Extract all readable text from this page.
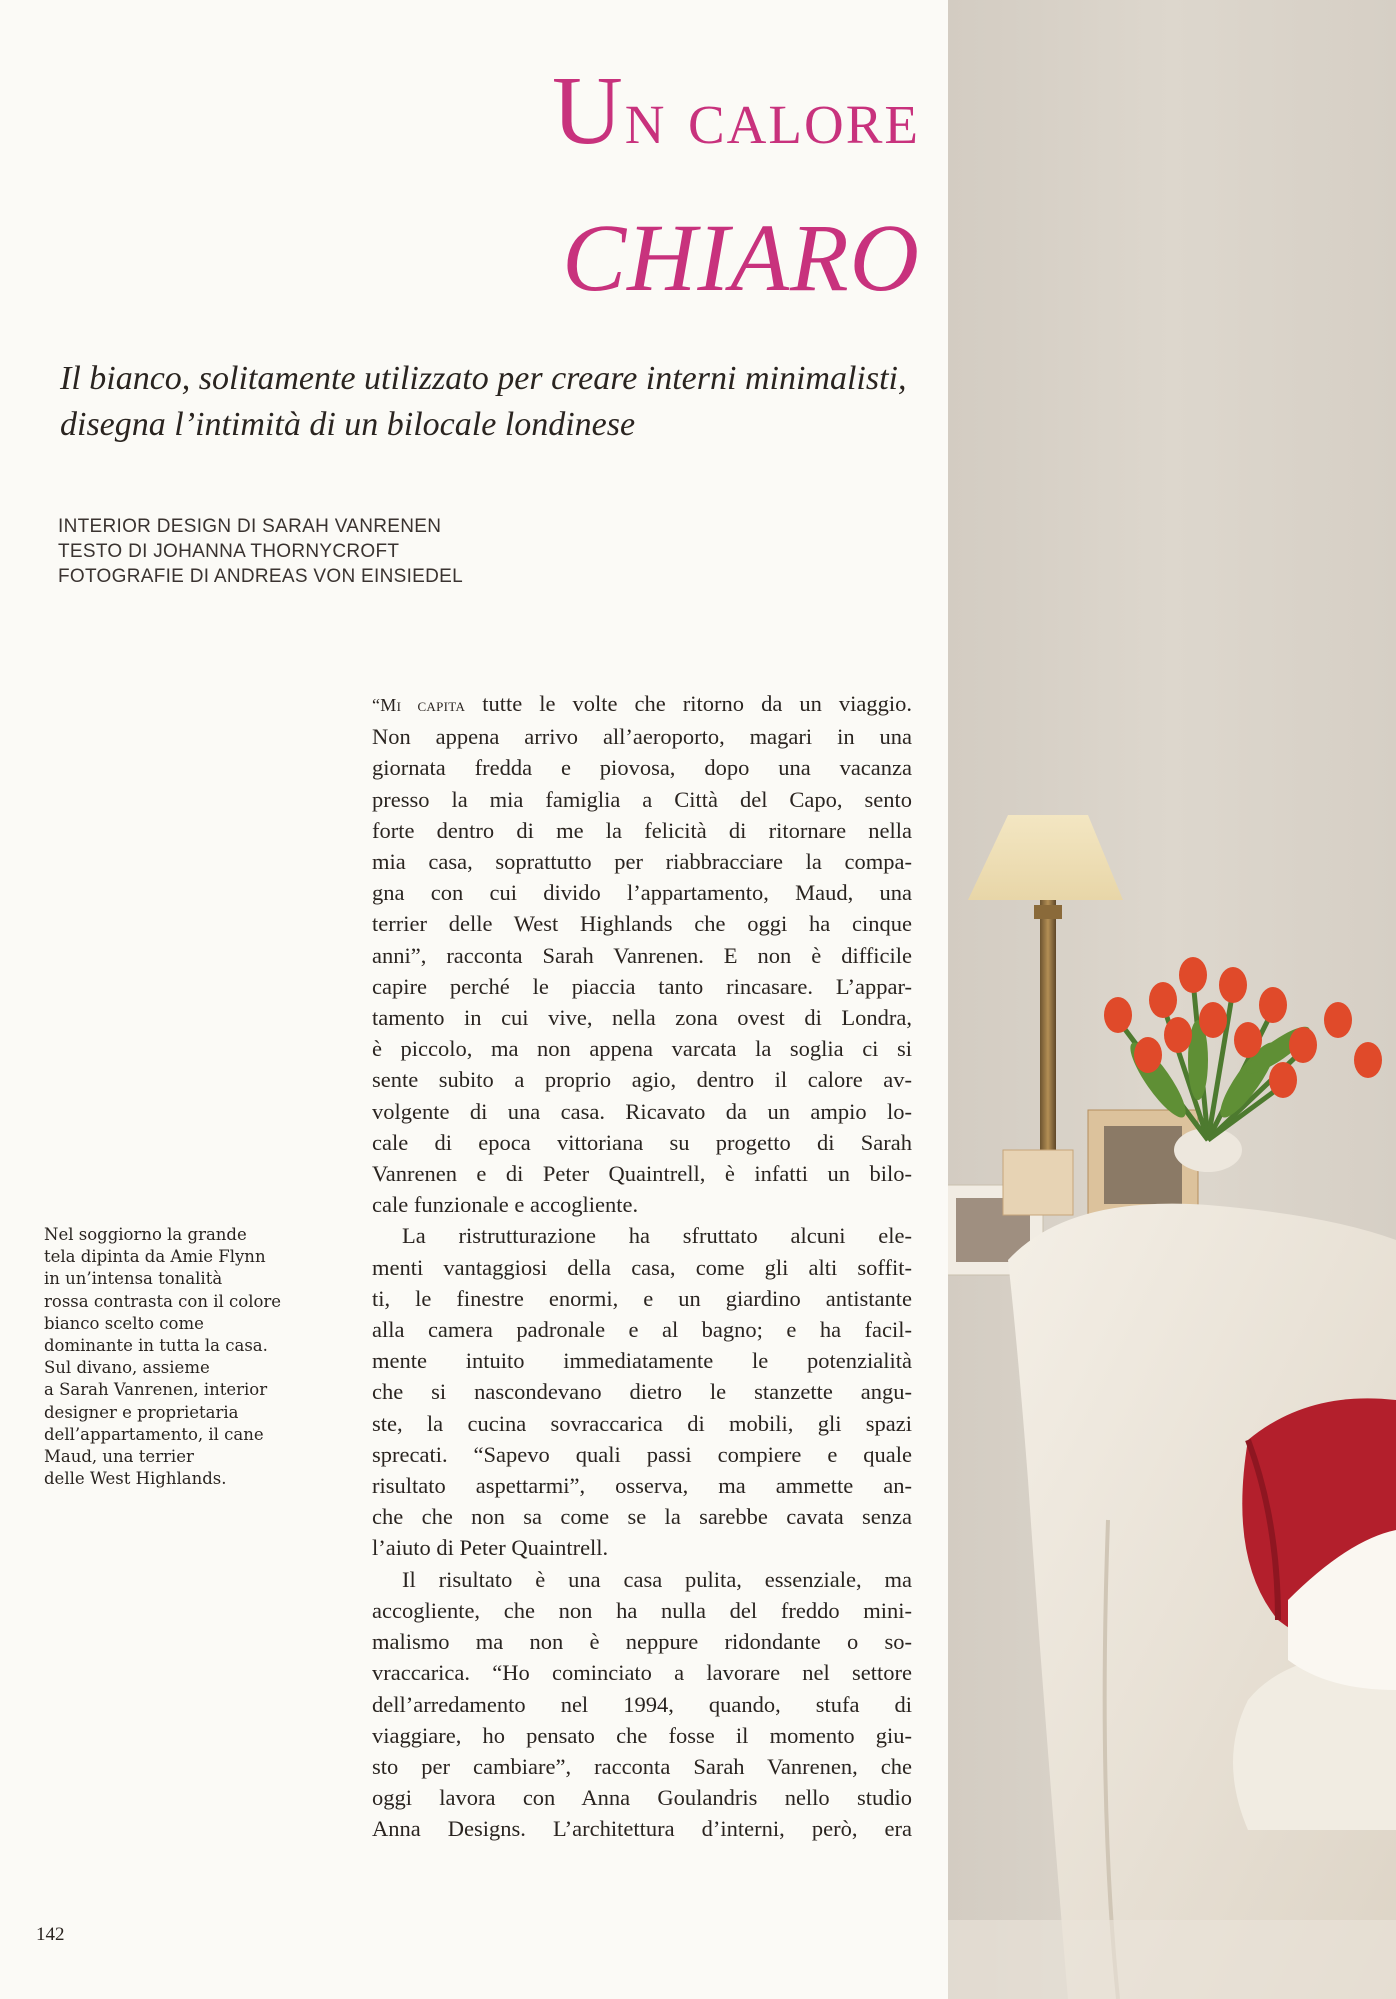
Un calore
CHIARO
Il bianco, solitamente utilizzato per creare interni minimalisti,
disegna l’intimità di un bilocale londinese
INTERIOR DESIGN DI SARAH VANRENEN
TESTO DI JOHANNA THORNYCROFT
FOTOGRAFIE DI ANDREAS VON EINSIEDEL
Nel soggiorno la grande
tela dipinta da Amie Flynn
in un’intensa tonalità
rossa contrasta con il colore
bianco scelto come
dominante in tutta la casa.
Sul divano, assieme
a Sarah Vanrenen, interior
designer e proprietaria
dell’appartamento, il cane
Maud, una terrier
delle West Highlands.
“Mi capita tutte le volte che ritorno da un viaggio.
Non appena arrivo all’aeroporto, magari in una
giornata fredda e piovosa, dopo una vacanza
presso la mia famiglia a Città del Capo, sento
forte dentro di me la felicità di ritornare nella
mia casa, soprattutto per riabbracciare la compa-
gna con cui divido l’appartamento, Maud, una
terrier delle West Highlands che oggi ha cinque
anni”, racconta Sarah Vanrenen. E non è difficile
capire perché le piaccia tanto rincasare. L’appar-
tamento in cui vive, nella zona ovest di Londra,
è piccolo, ma non appena varcata la soglia ci si
sente subito a proprio agio, dentro il calore av-
volgente di una casa. Ricavato da un ampio lo-
cale di epoca vittoriana su progetto di Sarah
Vanrenen e di Peter Quaintrell, è infatti un bilo-
cale funzionale e accogliente.
La ristrutturazione ha sfruttato alcuni ele-
menti vantaggiosi della casa, come gli alti soffit-
ti, le finestre enormi, e un giardino antistante
alla camera padronale e al bagno; e ha facil-
mente intuito immediatamente le potenzialità
che si nascondevano dietro le stanzette angu-
ste, la cucina sovraccarica di mobili, gli spazi
sprecati. “Sapevo quali passi compiere e quale
risultato aspettarmi”, osserva, ma ammette an-
che che non sa come se la sarebbe cavata senza
l’aiuto di Peter Quaintrell.
Il risultato è una casa pulita, essenziale, ma
accogliente, che non ha nulla del freddo mini-
malismo ma non è neppure ridondante o so-
vraccarica. “Ho cominciato a lavorare nel settore
dell’arredamento nel 1994, quando, stufa di
viaggiare, ho pensato che fosse il momento giu-
sto per cambiare”, racconta Sarah Vanrenen, che
oggi lavora con Anna Goulandris nello studio
Anna Designs. L’architettura d’interni, però, era
142
